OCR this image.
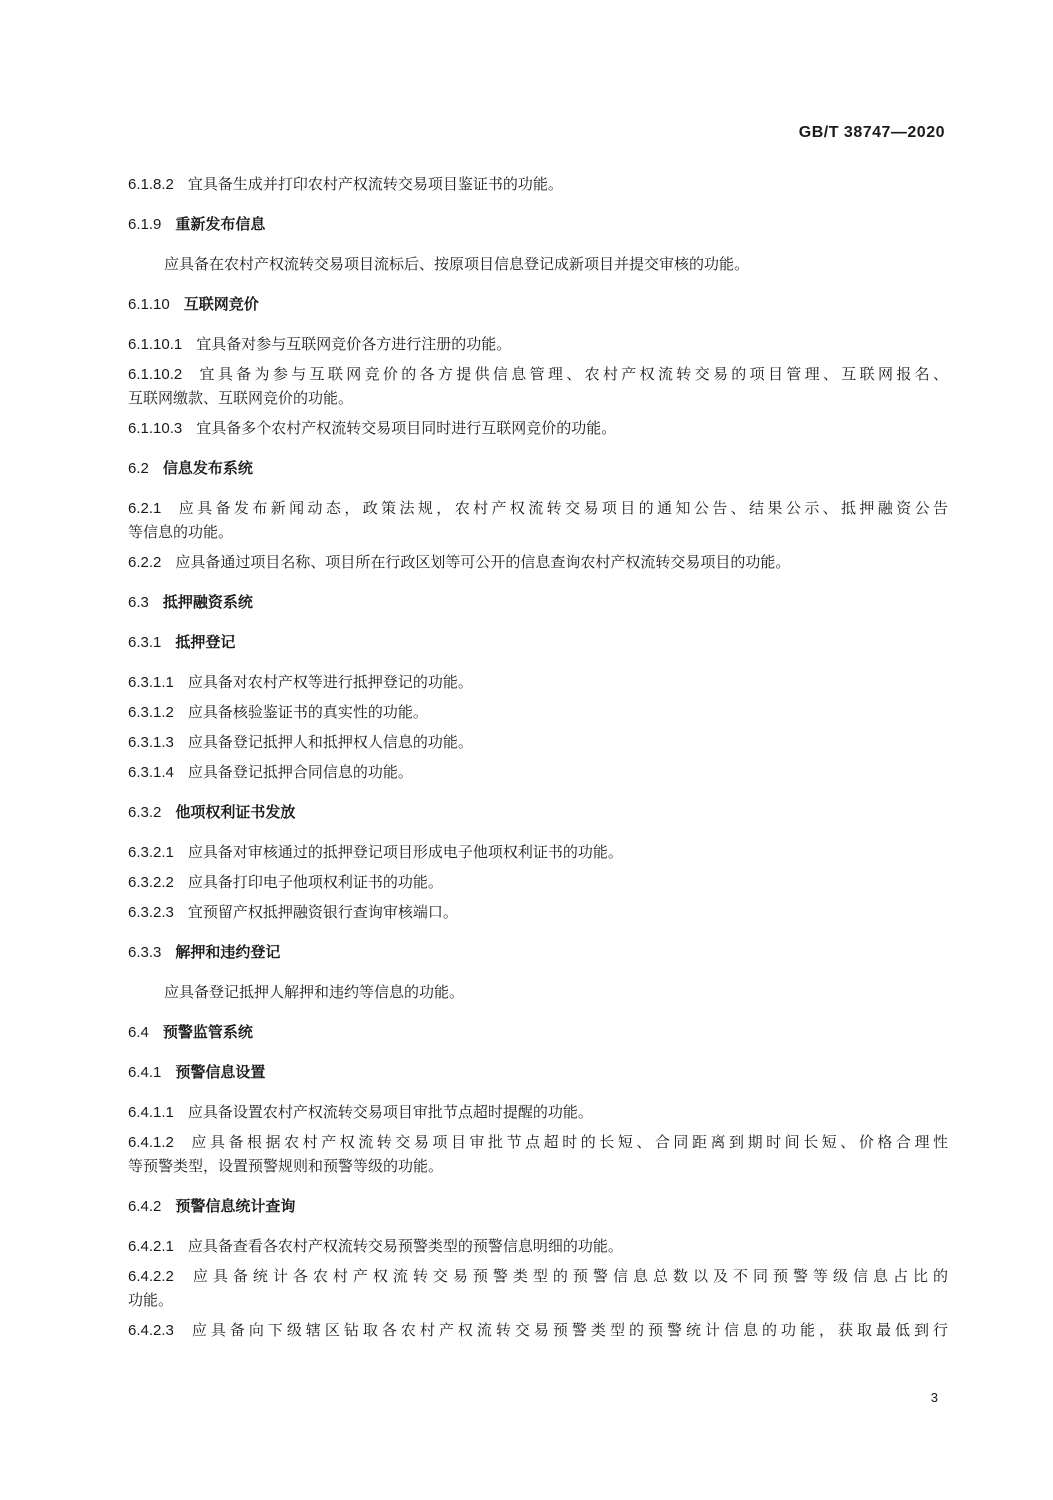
GB/T 38747—2020
6.1.8.2 宜具备生成并打印农村产权流转交易项目鉴证书的功能。
6.1.9 重新发布信息
应具备在农村产权流转交易项目流标后、按原项目信息登记成新项目并提交审核的功能。
6.1.10 互联网竞价
6.1.10.1 宜具备对参与互联网竞价各方进行注册的功能。
6.1.10.2 宜具备为参与互联网竞价的各方提供信息管理、农村产权流转交易的项目管理、互联网报名、
互联网缴款、互联网竞价的功能。
6.1.10.3 宜具备多个农村产权流转交易项目同时进行互联网竞价的功能。
6.2 信息发布系统
6.2.1 应具备发布新闻动态，政策法规，农村产权流转交易项目的通知公告、结果公示、抵押融资公告
等信息的功能。
6.2.2 应具备通过项目名称、项目所在行政区划等可公开的信息查询农村产权流转交易项目的功能。
6.3 抵押融资系统
6.3.1 抵押登记
6.3.1.1 应具备对农村产权等进行抵押登记的功能。
6.3.1.2 应具备核验鉴证书的真实性的功能。
6.3.1.3 应具备登记抵押人和抵押权人信息的功能。
6.3.1.4 应具备登记抵押合同信息的功能。
6.3.2 他项权利证书发放
6.3.2.1 应具备对审核通过的抵押登记项目形成电子他项权利证书的功能。
6.3.2.2 应具备打印电子他项权利证书的功能。
6.3.2.3 宜预留产权抵押融资银行查询审核端口。
6.3.3 解押和违约登记
应具备登记抵押人解押和违约等信息的功能。
6.4 预警监管系统
6.4.1 预警信息设置
6.4.1.1 应具备设置农村产权流转交易项目审批节点超时提醒的功能。
6.4.1.2 应具备根据农村产权流转交易项目审批节点超时的长短、合同距离到期时间长短、价格合理性
等预警类型，设置预警规则和预警等级的功能。
6.4.2 预警信息统计查询
6.4.2.1 应具备查看各农村产权流转交易预警类型的预警信息明细的功能。
6.4.2.2 应具备统计各农村产权流转交易预警类型的预警信息总数以及不同预警等级信息占比的
功能。
6.4.2.3 应具备向下级辖区钻取各农村产权流转交易预警类型的预警统计信息的功能，获取最低到行
3
